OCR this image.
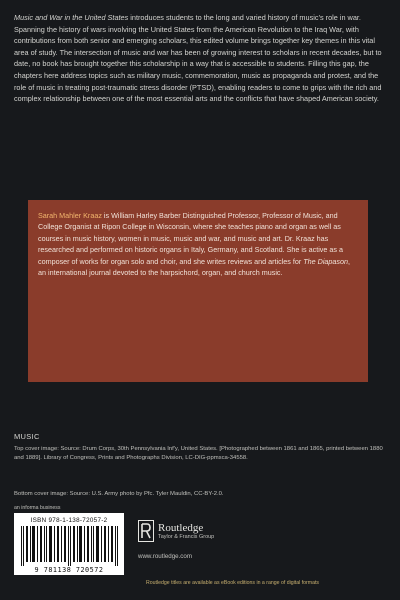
Music and War in the United States introduces students to the long and varied history of music’s role in war. Spanning the history of wars involving the United States from the American Revolution to the Iraq War, with contributions from both senior and emerging scholars, this edited volume brings together key themes in this vital area of study. The intersection of music and war has been of growing interest to scholars in recent decades, but to date, no book has brought together this scholarship in a way that is accessible to students. Filling this gap, the chapters here address topics such as military music, commemoration, music as propaganda and protest, and the role of music in treating post-traumatic stress disorder (PTSD), enabling readers to come to grips with the rich and complex relationship between one of the most essential arts and the conflicts that have shaped American society.

Sarah Mahler Kraaz is William Harley Barber Distinguished Professor, Professor of Music, and College Organist at Ripon College in Wisconsin, where she teaches piano and organ as well as courses in music history, women in music, music and war, and music and art. Dr. Kraaz has researched and performed on historic organs in Italy, Germany, and Scotland. She is active as a composer of works for organ solo and choir, and she writes reviews and articles for The Diapason, an international journal devoted to the harpsichord, organ, and church music.

MUSIC

Top cover image: Source: Drum Corps, 30th Pennsylvania Inf'y, United States. [Photographed between 1861 and 1865, printed between 1880 and 1889]. Library of Congress, Prints and Photographs Division, LC-DIG-ppmsca-34558.

Bottom cover image: Source: U.S. Army photo by Pfc. Tyler Mauldin, CC-BY-2.0.

an informa business
ISBN 978-1-138-72057-2
9 781138 720572
Routledge
Taylor & Francis Group
www.routledge.com
Routledge titles are available as eBook editions in a range of digital formats
